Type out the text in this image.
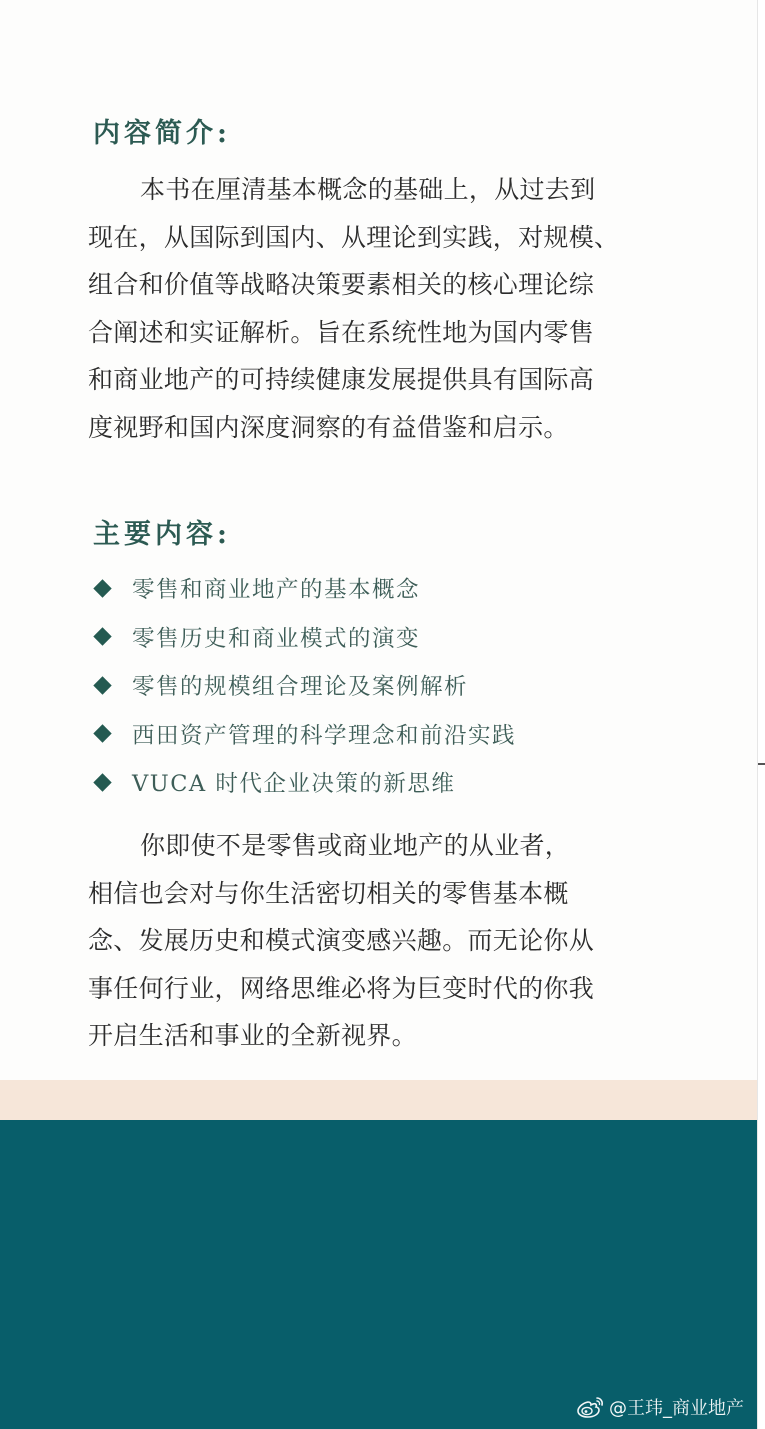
内容简介:

本书在厘清基本概念的基础上，从过去到
现在，从国际到国内、从理论到实践，对规模、
组合和价值等战略决策要素相关的核心理论综
合阐述和实证解析。旨在系统性地为国内零售
和商业地产的可持续健康发展提供具有国际高
度视野和国内深度洞察的有益借鉴和启示。

主要内容:
零售和商业地产的基本概念
零售历史和商业模式的演变
零售的规模组合理论及案例解析
西田资产管理的科学理念和前沿实践
VUCA 时代企业决策的新思维

你即使不是零售或商业地产的从业者，
相信也会对与你生活密切相关的零售基本概
念、发展历史和模式演变感兴趣。而无论你从
事任何行业，网络思维必将为巨变时代的你我
开启生活和事业的全新视界。

@王玮_商业地产
